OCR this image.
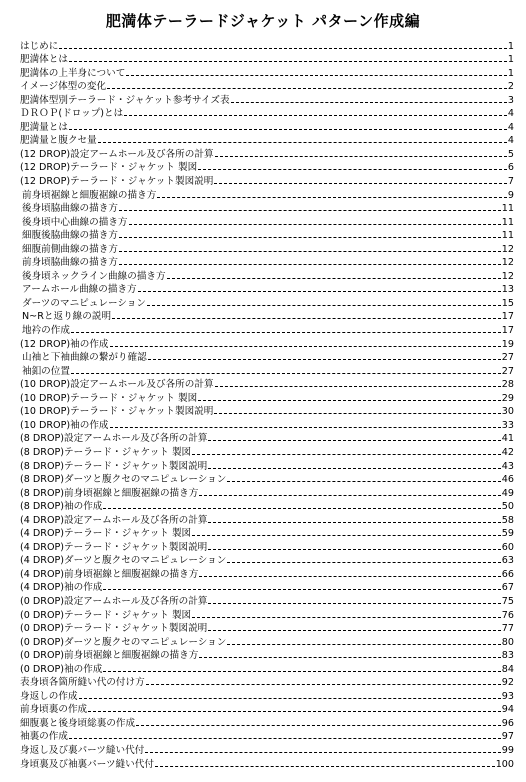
肥満体テーラードジャケット パターン作成編
はじめに	1
肥満体とは	1
肥満体の上半身について	1
イメージ体型の変化	2
肥満体型別テーラード・ジャケット参考サイズ表	3
ＤＲＯＰ(ドロップ)とは	4
肥満量とは	4
肥満量と腹クセ量	4
(12 DROP)設定アームホール及び各所の計算	5
(12 DROP)テーラード・ジャケット 製図	6
(12 DROP)テーラード・ジャケット製図説明	7
前身頃裾線と細腹裾線の描き方	9
後身頃脇曲線の描き方	11
後身頃中心曲線の描き方	11
細腹後脇曲線の描き方	11
細腹前側曲線の描き方	12
前身頃脇曲線の描き方	12
後身頃ネックライン曲線の描き方	12
アームホール曲線の描き方	13
ダーツのマニピュレーション	15
N~Rと返り線の説明	17
地衿の作成	17
(12 DROP)袖の作成	19
山袖と下袖曲線の繋がり確認	27
袖釦の位置	27
(10 DROP)設定アームホール及び各所の計算	28
(10 DROP)テーラード・ジャケット 製図	29
(10 DROP)テーラード・ジャケット製図説明	30
(10 DROP)袖の作成	33
(8 DROP)設定アームホール及び各所の計算	41
(8 DROP)テーラード・ジャケット 製図	42
(8 DROP)テーラード・ジャケット製図説明	43
(8 DROP)ダーツと腹クセのマニピュレーション	46
(8 DROP)前身頃裾線と細腹裾線の描き方	49
(8 DROP)袖の作成	50
(4 DROP)設定アームホール及び各所の計算	58
(4 DROP)テーラード・ジャケット 製図	59
(4 DROP)テーラード・ジャケット製図説明	60
(4 DROP)ダーツと腹クセのマニピュレーション	63
(4 DROP)前身頃裾線と細腹裾線の描き方	66
(4 DROP)袖の作成	67
(0 DROP)設定アームホール及び各所の計算	75
(0 DROP)テーラード・ジャケット 製図	76
(0 DROP)テーラード・ジャケット製図説明	77
(0 DROP)ダーツと腹クセのマニピュレーション	80
(0 DROP)前身頃裾線と細腹裾線の描き方	83
(0 DROP)袖の作成	84
表身頃各箇所縫い代の付け方	92
身返しの作成	93
前身頃裏の作成	94
細腹裏と後身頃総裏の作成	96
袖裏の作成	97
身返し及び裏パーツ縫い代付	99
身頃裏及び袖裏パーツ縫い代付	100
